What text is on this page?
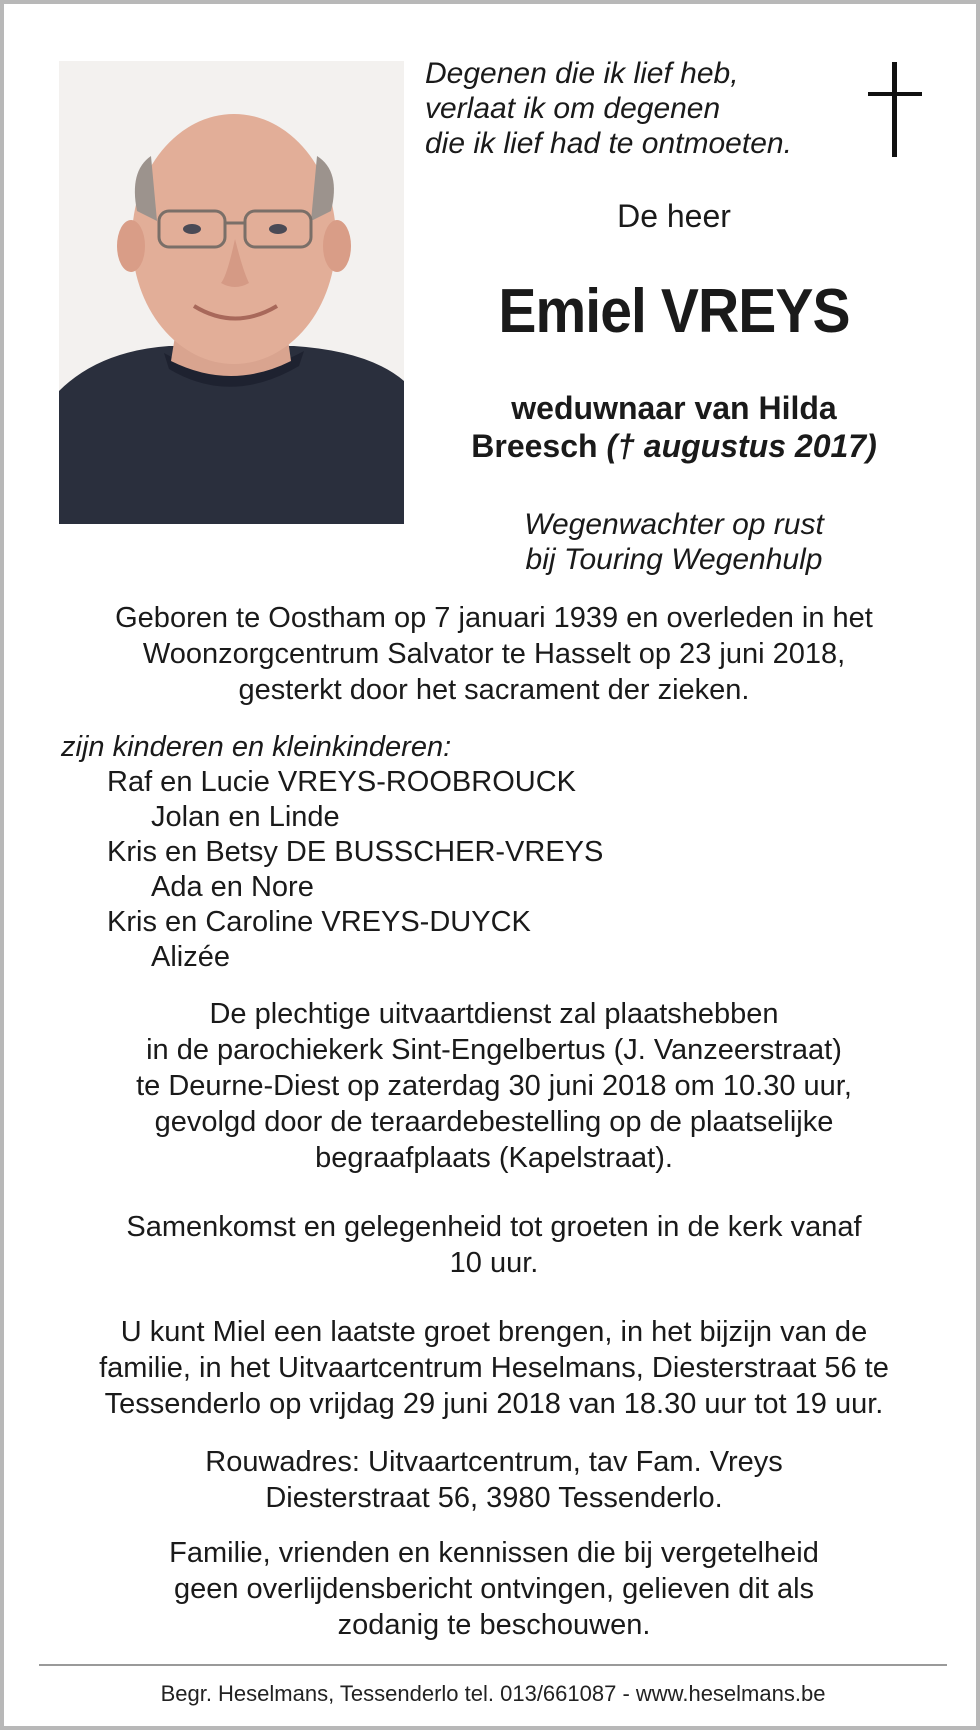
Degenen die ik lief heb,
verlaat ik om degenen
die ik lief had te ontmoeten.
De heer
Emiel VREYS
weduwnaar van Hilda
Breesch († augustus 2017)
Wegenwachter op rust
bij Touring Wegenhulp
Geboren te Oostham op 7 januari 1939 en overleden in het
Woonzorgcentrum Salvator te Hasselt op 23 juni 2018,
gesterkt door het sacrament der zieken.
zijn kinderen en kleinkinderen:
Raf en Lucie VREYS-ROOBROUCK
Jolan en Linde
Kris en Betsy DE BUSSCHER-VREYS
Ada en Nore
Kris en Caroline VREYS-DUYCK
Alizée
De plechtige uitvaartdienst zal plaatshebben
in de parochiekerk Sint-Engelbertus (J. Vanzeerstraat)
te Deurne-Diest op zaterdag 30 juni 2018 om 10.30 uur,
gevolgd door de teraardebestelling op de plaatselijke
begraafplaats (Kapelstraat).
Samenkomst en gelegenheid tot groeten in de kerk vanaf
10 uur.
U kunt Miel een laatste groet brengen, in het bijzijn van de
familie, in het Uitvaartcentrum Heselmans, Diesterstraat 56 te
Tessenderlo op vrijdag 29 juni 2018 van 18.30 uur tot 19 uur.
Rouwadres: Uitvaartcentrum, tav Fam. Vreys
Diesterstraat 56, 3980 Tessenderlo.
Familie, vrienden en kennissen die bij vergetelheid
geen overlijdensbericht ontvingen, gelieven dit als
zodanig te beschouwen.
Begr. Heselmans, Tessenderlo tel. 013/661087 - www.heselmans.be
